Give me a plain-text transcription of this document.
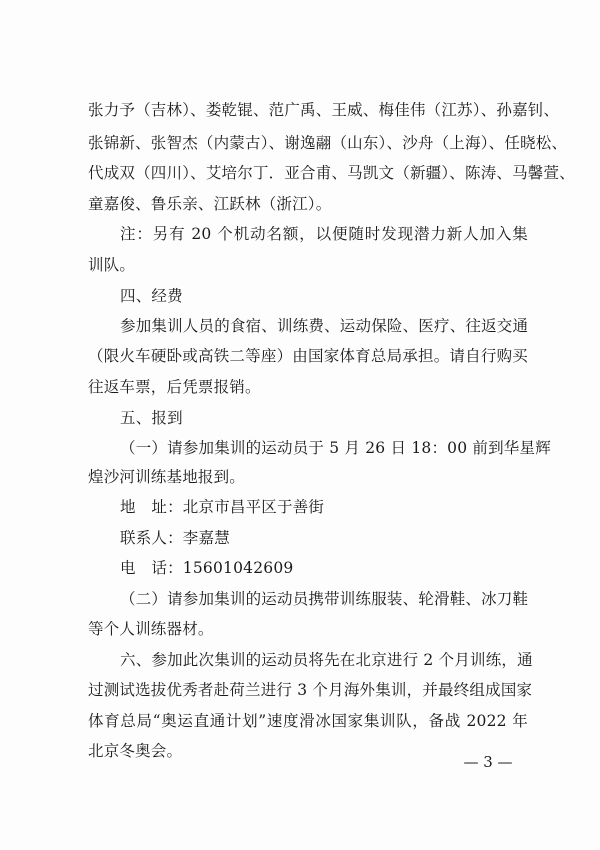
张力予（吉林）、娄乾锟、范广禹、王威、梅佳伟（江苏）、孙嘉钊、
张锦新、张智杰（内蒙古）、谢逸翮（山东）、沙舟（上海）、任晓松、
代成双（四川）、艾培尔丁．亚合甫、马凯文（新疆）、陈涛、马馨萱、
童嘉俊、鲁乐亲、江跃林（浙江）。
注：另有 20 个机动名额，以便随时发现潜力新人加入集
训队。
四、经费
参加集训人员的食宿、训练费、运动保险、医疗、往返交通
（限火车硬卧或高铁二等座）由国家体育总局承担。请自行购买
往返车票，后凭票报销。
五、报到
（一）请参加集训的运动员于 5 月 26 日 18：00 前到华星辉
煌沙河训练基地报到。
地　址：北京市昌平区于善街
联系人：李嘉慧
电　话：15601042609
（二）请参加集训的运动员携带训练服装、轮滑鞋、冰刀鞋
等个人训练器材。
六、参加此次集训的运动员将先在北京进行 2 个月训练，通
过测试选拔优秀者赴荷兰进行 3 个月海外集训，并最终组成国家
体育总局“奥运直通计划”速度滑冰国家集训队，备战 2022 年
北京冬奥会。
— 3 —
